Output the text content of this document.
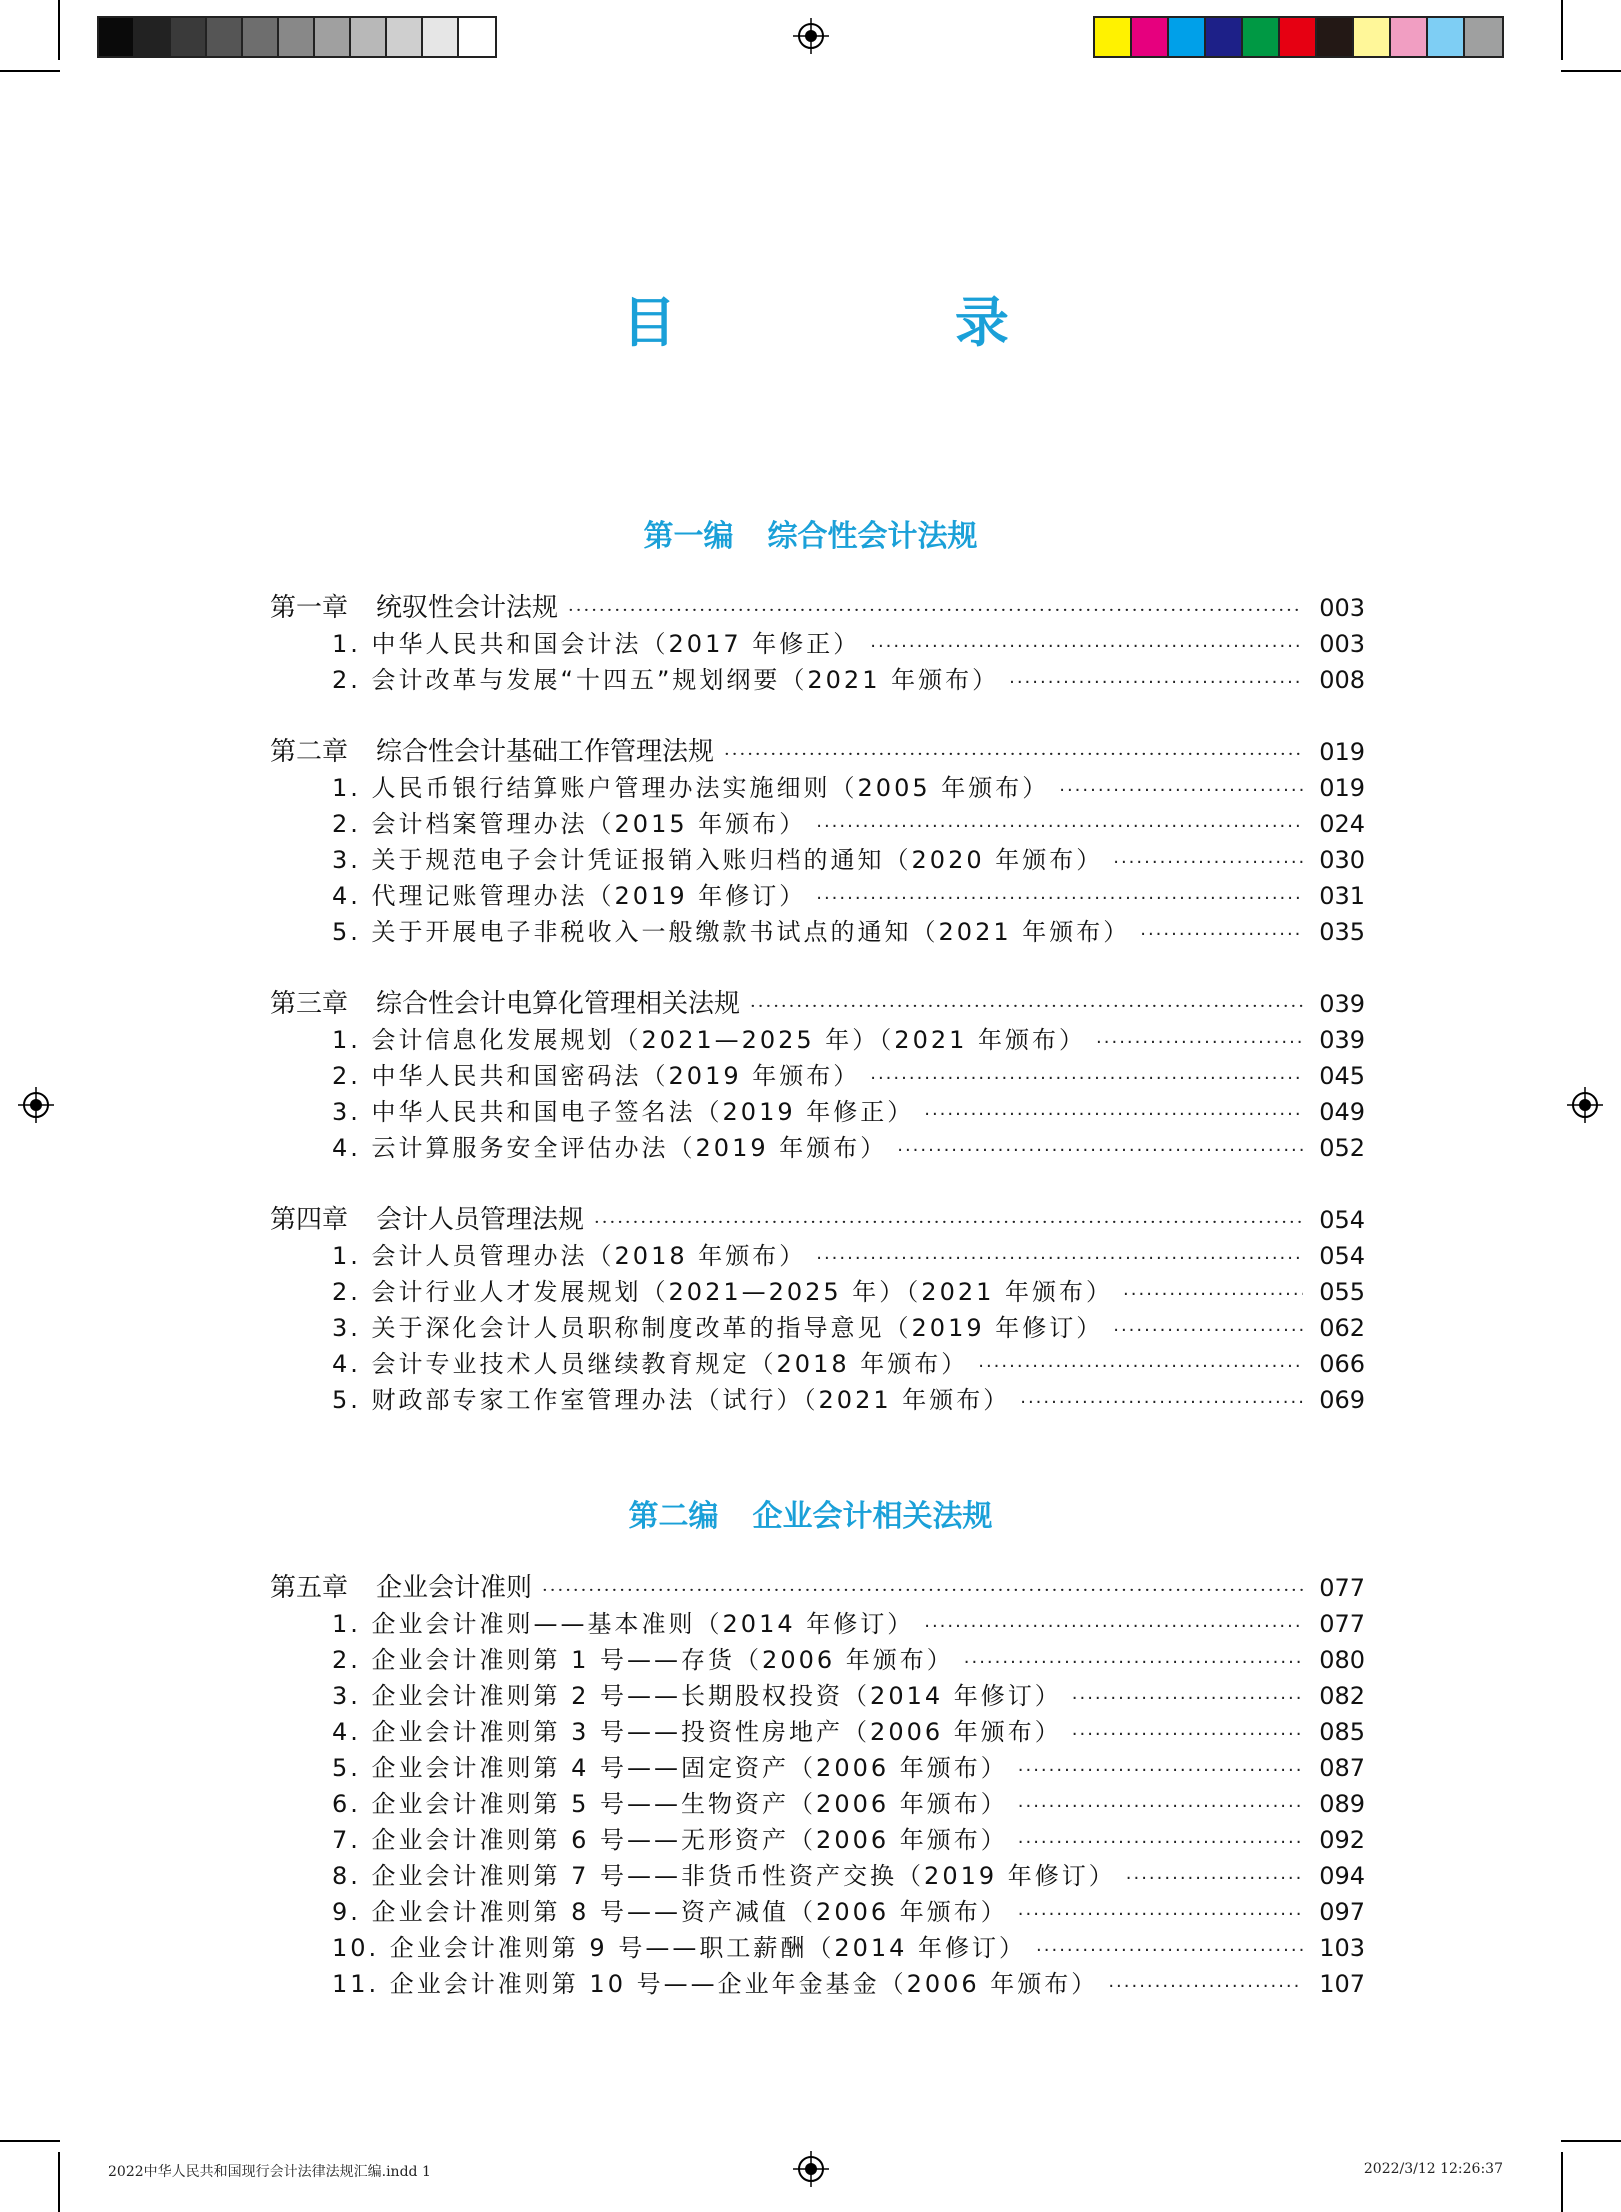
目 录
第一编 综合性会计法规
第一章 统驭性会计法规 ·····	003
1. 中华人民共和国会计法（2017 年修正） ·····	003
2. 会计改革与发展“十四五”规划纲要（2021 年颁布） ·····	008
第二章 综合性会计基础工作管理法规 ·····	019
1. 人民币银行结算账户管理办法实施细则（2005 年颁布） ·····	019
2. 会计档案管理办法（2015 年颁布） ·····	024
3. 关于规范电子会计凭证报销入账归档的通知（2020 年颁布） ·····	030
4. 代理记账管理办法（2019 年修订） ·····	031
5. 关于开展电子非税收入一般缴款书试点的通知（2021 年颁布） ·····	035
第三章 综合性会计电算化管理相关法规 ·····	039
1. 会计信息化发展规划（2021—2025 年）（2021 年颁布） ·····	039
2. 中华人民共和国密码法（2019 年颁布） ·····	045
3. 中华人民共和国电子签名法（2019 年修正） ·····	049
4. 云计算服务安全评估办法（2019 年颁布） ·····	052
第四章 会计人员管理法规 ·····	054
1. 会计人员管理办法（2018 年颁布） ·····	054
2. 会计行业人才发展规划（2021—2025 年）（2021 年颁布） ·····	055
3. 关于深化会计人员职称制度改革的指导意见（2019 年修订） ·····	062
4. 会计专业技术人员继续教育规定（2018 年颁布） ·····	066
5. 财政部专家工作室管理办法（试行）（2021 年颁布） ·····	069
第二编 企业会计相关法规
第五章 企业会计准则 ·····	077
1. 企业会计准则——基本准则（2014 年修订） ·····	077
2. 企业会计准则第 1 号——存货（2006 年颁布） ·····	080
3. 企业会计准则第 2 号——长期股权投资（2014 年修订） ·····	082
4. 企业会计准则第 3 号——投资性房地产（2006 年颁布） ·····	085
5. 企业会计准则第 4 号——固定资产（2006 年颁布） ·····	087
6. 企业会计准则第 5 号——生物资产（2006 年颁布） ·····	089
7. 企业会计准则第 6 号——无形资产（2006 年颁布） ·····	092
8. 企业会计准则第 7 号——非货币性资产交换（2019 年修订） ·····	094
9. 企业会计准则第 8 号——资产减值（2006 年颁布） ·····	097
10. 企业会计准则第 9 号——职工薪酬（2014 年修订） ·····	103
11. 企业会计准则第 10 号——企业年金基金（2006 年颁布） ·····	107
2022中华人民共和国现行会计法律法规汇编.indd 1	2022/3/12 12:26:37
